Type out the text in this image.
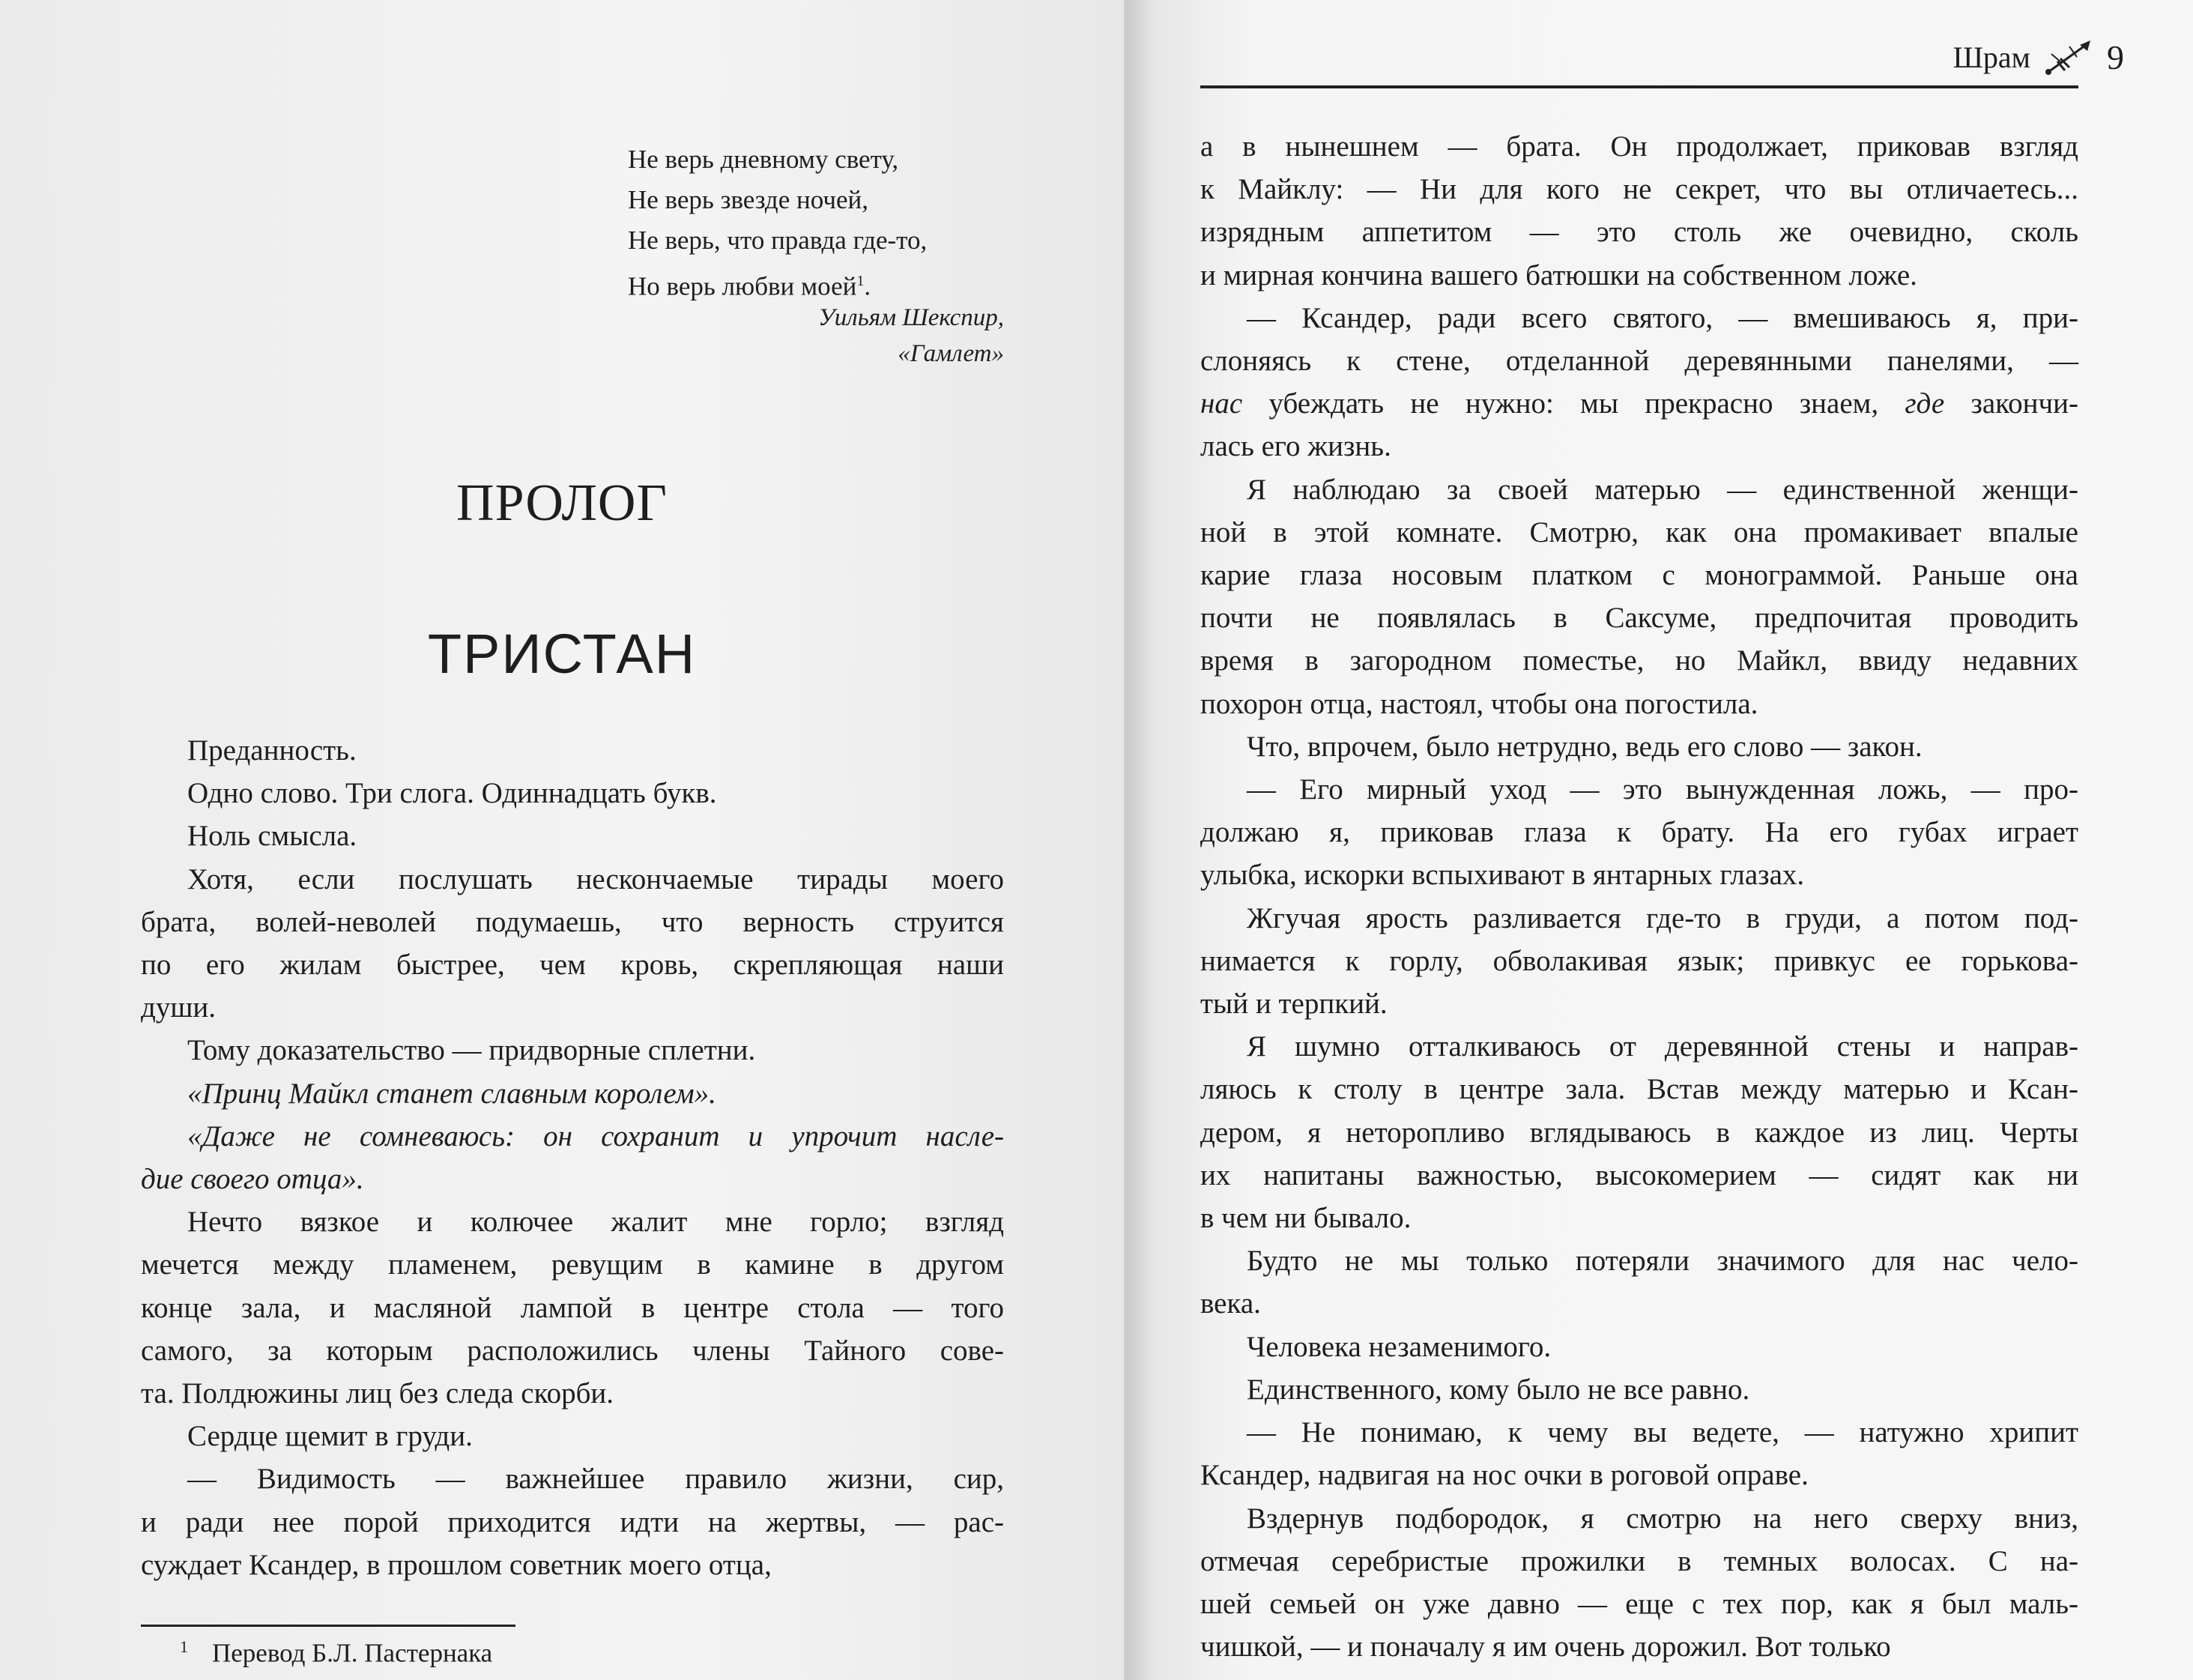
Не верь дневному свету,
Не верь звезде ночей,
Не верь, что правда где-то,
Но верь любви моей$^1$.
Уильям Шекспир,
«Гамлет»
ПРОЛОГ
ТРИСТАН

Преданность.

Одно слово. Три слога. Одиннадцать букв.

Ноль смысла.

Хотя, если послушать нескончаемые тирады моего

брата, волей-неволей подумаешь, что верность струится

по его жилам быстрее, чем кровь, скрепляющая наши

души.

Тому доказательство — придворные сплетни.

«Принц Майкл станет славным королем».

«Даже не сомневаюсь: он сохранит и упрочит насле-

дие своего отца».

Нечто вязкое и колючее жалит мне горло; взгляд

мечется между пламенем, ревущим в камине в другом

конце зала, и масляной лампой в центре стола — того

самого, за которым расположились члены Тайного сове-

та. Полдюжины лиц без следа скорби.

Сердце щемит в груди.

— Видимость — важнейшее правило жизни, сир,

и ради нее порой приходится идти на жертвы, — рас-

суждает Ксандер, в прошлом советник моего отца,

$^1$ Перевод Б.Л. Пастернака
Шрам 9

а в нынешнем — брата. Он продолжает, приковав взгляд

к Майклу: — Ни для кого не секрет, что вы отличаетесь...

изрядным аппетитом — это столь же очевидно, сколь

и мирная кончина вашего батюшки на собственном ложе.

— Ксандер, ради всего святого, — вмешиваюсь я, при-

слоняясь к стене, отделанной деревянными панелями, —

нас убеждать не нужно: мы прекрасно знаем, где закончи-

лась его жизнь.

Я наблюдаю за своей матерью — единственной женщи-

ной в этой комнате. Смотрю, как она промакивает впалые

карие глаза носовым платком с монограммой. Раньше она

почти не появлялась в Саксуме, предпочитая проводить

время в загородном поместье, но Майкл, ввиду недавних

похорон отца, настоял, чтобы она погостила.

Что, впрочем, было нетрудно, ведь его слово — закон.

— Его мирный уход — это вынужденная ложь, — про-

должаю я, приковав глаза к брату. На его губах играет

улыбка, искорки вспыхивают в янтарных глазах.

Жгучая ярость разливается где-то в груди, а потом под-

нимается к горлу, обволакивая язык; привкус ее горькова-

тый и терпкий.

Я шумно отталкиваюсь от деревянной стены и направ-

ляюсь к столу в центре зала. Встав между матерью и Ксан-

дером, я неторопливо вглядываюсь в каждое из лиц. Черты

их напитаны важностью, высокомерием — сидят как ни

в чем ни бывало.

Будто не мы только потеряли значимого для нас чело-

века.

Человека незаменимого.

Единственного, кому было не все равно.

— Не понимаю, к чему вы ведете, — натужно хрипит

Ксандер, надвигая на нос очки в роговой оправе.

Вздернув подбородок, я смотрю на него сверху вниз,

отмечая серебристые прожилки в темных волосах. С на-

шей семьей он уже давно — еще с тех пор, как я был маль-

чишкой, — и поначалу я им очень дорожил. Вот только
